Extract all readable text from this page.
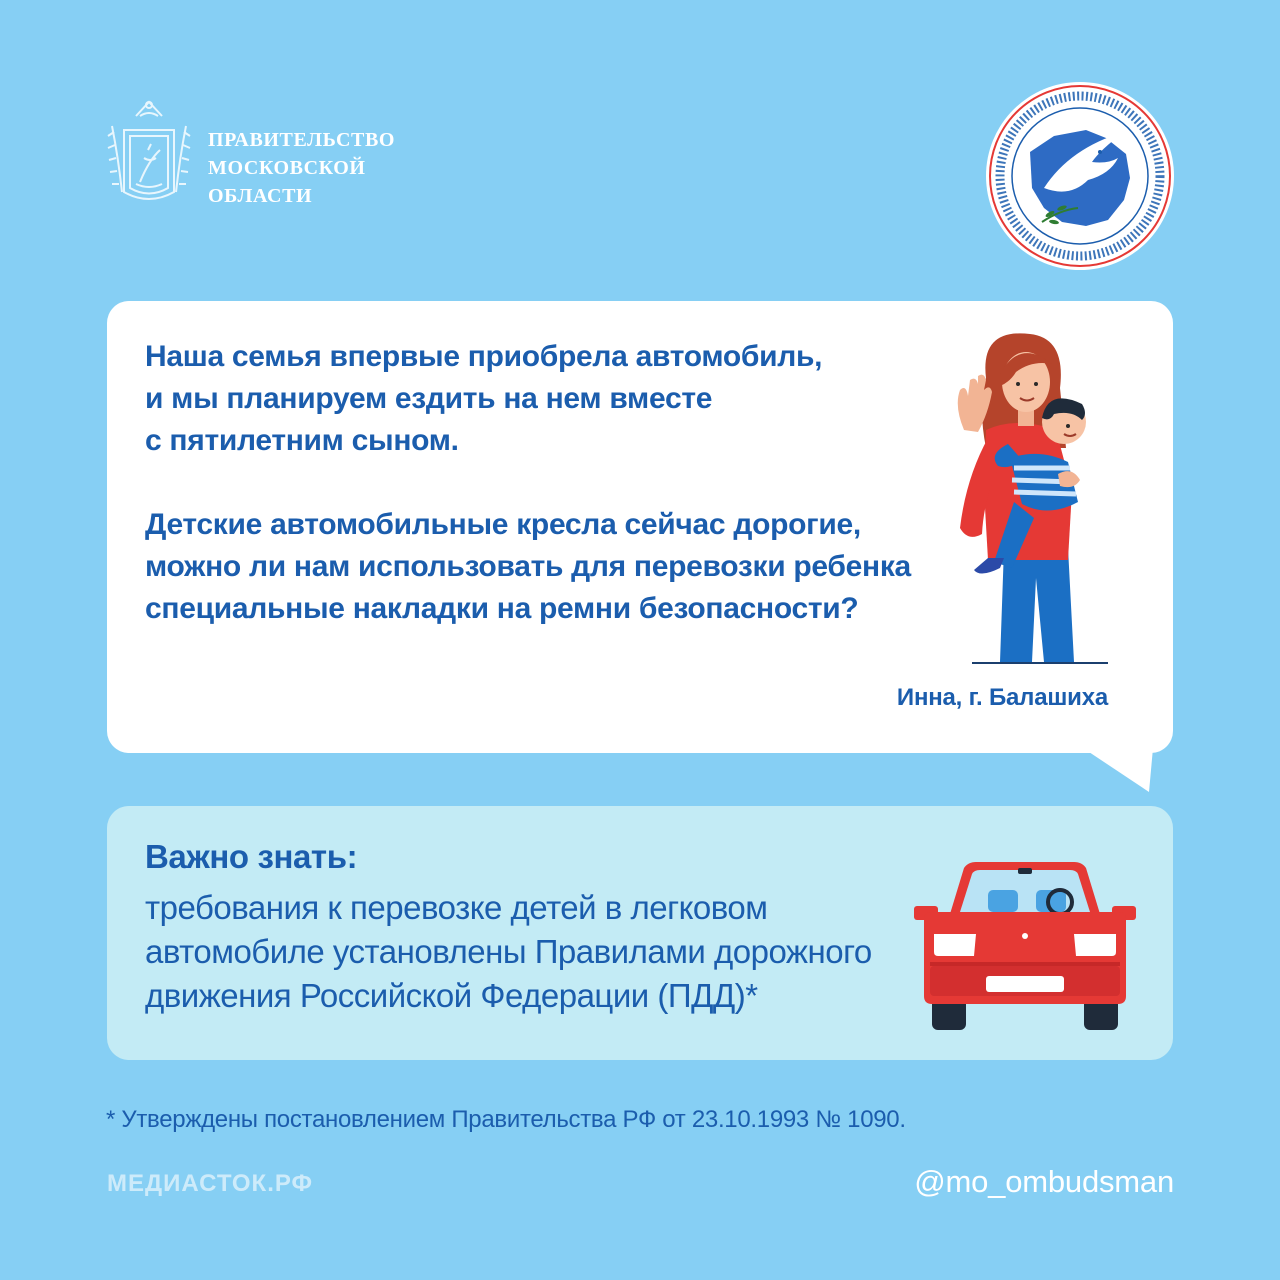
ПРАВИТЕЛЬСТВО
МОСКОВСКОЙ
ОБЛАСТИ
Наша семья впервые приобрела автомобиль,
и мы планируем ездить на нем вместе
с пятилетним сыном.
Детские автомобильные кресла сейчас дорогие,
можно ли нам использовать для перевозки ребенка
специальные накладки на ремни безопасности?

Инна, г. Балашиха

Важно знать:

требования к перевозке детей в легковом
автомобиле установлены Правилами дорожного
движения Российской Федерации (ПДД)*

* Утверждены постановлением Правительства РФ от 23.10.1993 № 1090.

МЕДИАСТОК.РФ	@mo_ombudsman
